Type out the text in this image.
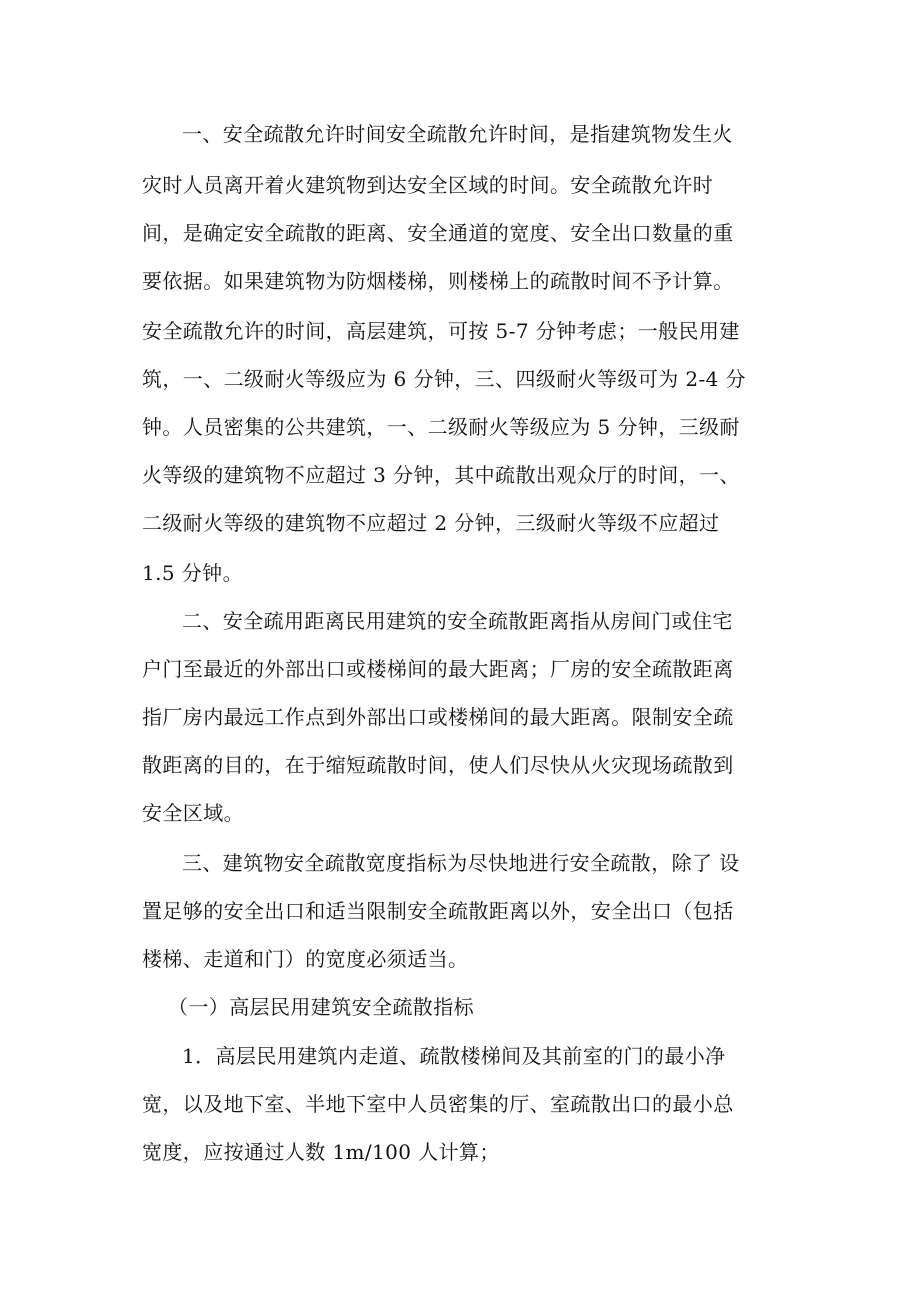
一、安全疏散允许时间安全疏散允许时间，是指建筑物发生火
灾时人员离开着火建筑物到达安全区域的时间。安全疏散允许时
间，是确定安全疏散的距离、安全通道的宽度、安全出口数量的重
要依据。如果建筑物为防烟楼梯，则楼梯上的疏散时间不予计算。
安全疏散允许的时间，高层建筑，可按 5-7 分钟考虑；一般民用建
筑，一、二级耐火等级应为 6 分钟，三、四级耐火等级可为 2-4 分
钟。人员密集的公共建筑，一、二级耐火等级应为 5 分钟，三级耐
火等级的建筑物不应超过 3 分钟，其中疏散出观众厅的时间，一、
二级耐火等级的建筑物不应超过 2 分钟，三级耐火等级不应超过
1.5 分钟。
二、安全疏用距离民用建筑的安全疏散距离指从房间门或住宅
户门至最近的外部出口或楼梯间的最大距离；厂房的安全疏散距离
指厂房内最远工作点到外部出口或楼梯间的最大距离。限制安全疏
散距离的目的，在于缩短疏散时间，使人们尽快从火灾现场疏散到
安全区域。
三、建筑物安全疏散宽度指标为尽快地进行安全疏散，除了 设
置足够的安全出口和适当限制安全疏散距离以外，安全出口（包括
楼梯、走道和门）的宽度必须适当。
（一）高层民用建筑安全疏散指标
1．高层民用建筑内走道、疏散楼梯间及其前室的门的最小净
宽，以及地下室、半地下室中人员密集的厅、室疏散出口的最小总
宽度，应按通过人数 1m/100 人计算；
